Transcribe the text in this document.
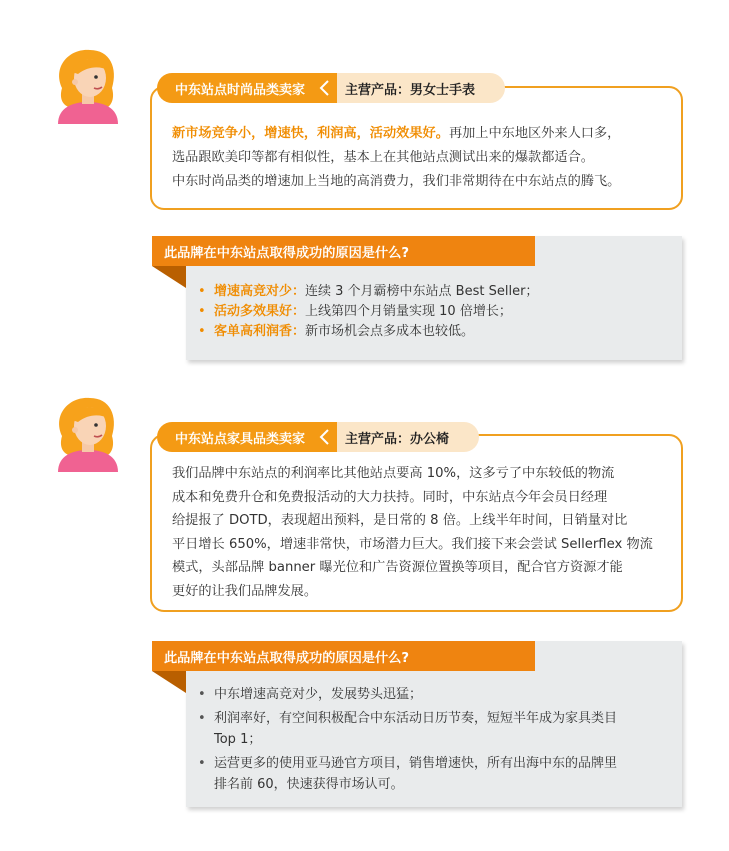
中东站点时尚品类卖家	主营产品：男女士手表
新市场竞争小，增速快，利润高，活动效果好。再加上中东地区外来人口多，
选品跟欧美印等都有相似性，基本上在其他站点测试出来的爆款都适合。
中东时尚品类的增速加上当地的高消费力，我们非常期待在中东站点的腾飞。
此品牌在中东站点取得成功的原因是什么?
• 增速高竞对少：连续 3 个月霸榜中东站点 Best Seller；
• 活动多效果好：上线第四个月销量实现 10 倍增长；
• 客单高利润香：新市场机会点多成本也较低。
中东站点家具品类卖家	主营产品：办公椅
我们品牌中东站点的利润率比其他站点要高 10%，这多亏了中东较低的物流
成本和免费升仓和免费报活动的大力扶持。同时，中东站点今年会员日经理
给提报了 DOTD，表现超出预料，是日常的 8 倍。上线半年时间，日销量对比
平日增长 650%，增速非常快，市场潜力巨大。我们接下来会尝试 Sellerflex 物流
模式，头部品牌 banner 曝光位和广告资源位置换等项目，配合官方资源才能
更好的让我们品牌发展。
此品牌在中东站点取得成功的原因是什么?
• 中东增速高竞对少，发展势头迅猛；
• 利润率好，有空间积极配合中东活动日历节奏，短短半年成为家具类目
Top 1；
• 运营更多的使用亚马逊官方项目，销售增速快，所有出海中东的品牌里
排名前 60，快速获得市场认可。
